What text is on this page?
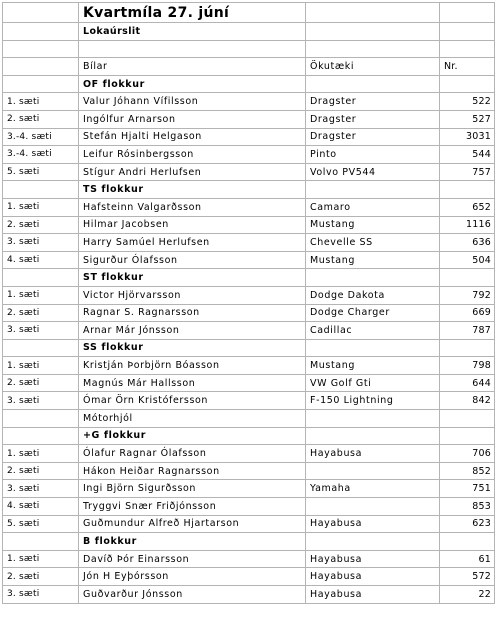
	Kvartmíla 27. júní		
	Lokaúrslit		

	Bílar	Ökutæki	Nr.
	OF flokkur		
1. sæti	Valur Jóhann Vífilsson	Dragster	522
2. sæti	Ingólfur Arnarson	Dragster	527
3.-4. sæti	Stefán Hjalti Helgason	Dragster	3031
3.-4. sæti	Leifur Rósinbergsson	Pinto	544
5. sæti	Stígur Andri Herlufsen	Volvo PV544	757
	TS flokkur		
1. sæti	Hafsteinn Valgarðsson	Camaro	652
2. sæti	Hilmar Jacobsen	Mustang	1116
3. sæti	Harry Samúel Herlufsen	Chevelle SS	636
4. sæti	Sigurður Ólafsson	Mustang	504
	ST flokkur		
1. sæti	Victor Hjörvarsson	Dodge Dakota	792
2. sæti	Ragnar S. Ragnarsson	Dodge Charger	669
3. sæti	Arnar Már Jónsson	Cadillac	787
	SS flokkur		
1. sæti	Kristján Þorbjörn Bóasson	Mustang	798
2. sæti	Magnús Már Hallsson	VW Golf Gti	644
3. sæti	Ómar Örn Kristófersson	F-150 Lightning	842
	Mótorhjól		
	+G flokkur		
1. sæti	Ólafur Ragnar Ólafsson	Hayabusa	706
2. sæti	Hákon Heiðar Ragnarsson		852
3. sæti	Ingi Björn Sigurðsson	Yamaha	751
4. sæti	Tryggvi Snær Friðjónsson		853
5. sæti	Guðmundur Alfreð Hjartarson	Hayabusa	623
	B flokkur		
1. sæti	Davíð Þór Einarsson	Hayabusa	61
2. sæti	Jón H Eyþórsson	Hayabusa	572
3. sæti	Guðvarður Jónsson	Hayabusa	22
